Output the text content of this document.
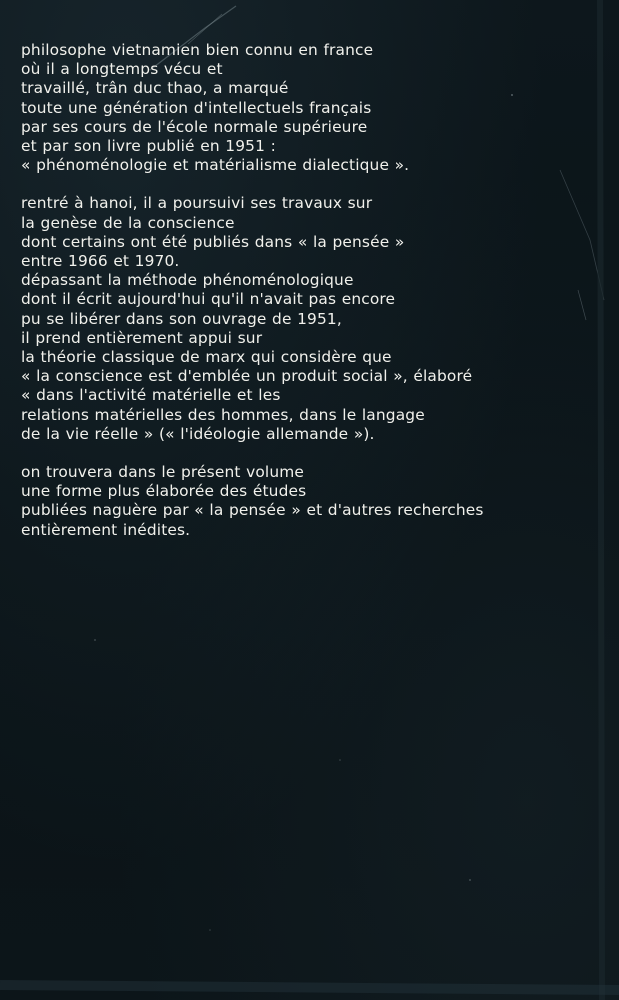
philosophe vietnamien bien connu en france
où il a longtemps vécu et
travaillé, trân duc thao, a marqué
toute une génération d'intellectuels français
par ses cours de l'école normale supérieure
et par son livre publié en 1951 :
« phénoménologie et matérialisme dialectique ».

rentré à hanoi, il a poursuivi ses travaux sur
la genèse de la conscience
dont certains ont été publiés dans « la pensée »
entre 1966 et 1970.
dépassant la méthode phénoménologique
dont il écrit aujourd'hui qu'il n'avait pas encore
pu se libérer dans son ouvrage de 1951,
il prend entièrement appui sur
la théorie classique de marx qui considère que
« la conscience est d'emblée un produit social », élaboré
« dans l'activité matérielle et les
relations matérielles des hommes, dans le langage
de la vie réelle » (« l'idéologie allemande »).

on trouvera dans le présent volume
une forme plus élaborée des études
publiées naguère par « la pensée » et d'autres recherches
entièrement inédites.
